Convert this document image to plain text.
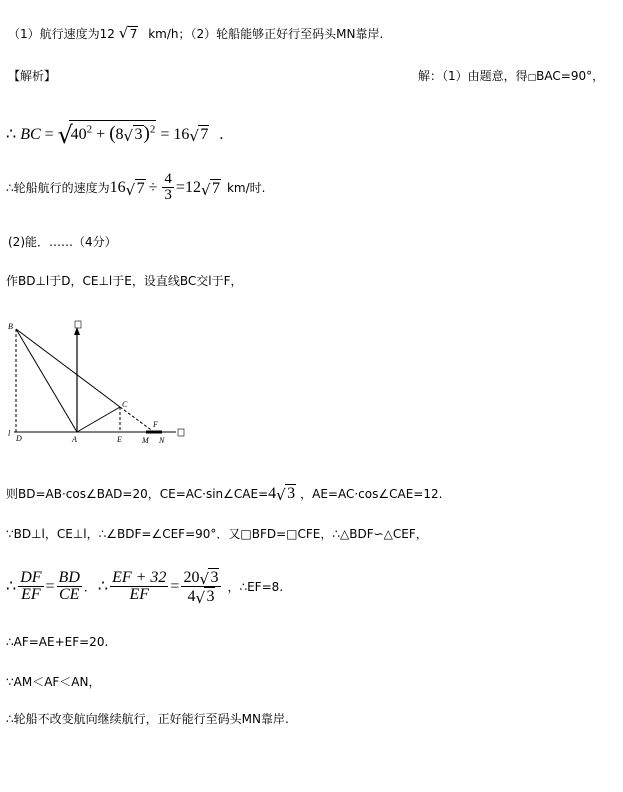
（1）航行速度为12 √ 7 km/h；（2）轮船能够正好行至码头MN靠岸.
【解析】	解：（1）由题意，得□BAC=90°，
∴ BC = √
$40^2 + (8$ √ 3)$^2$ = 16 √ 7 .
∴轮船航行的速度为 16 √ $7 \div \frac{4}{3} = 12$ √ 7 km/时.
(2)能．……（4分）
作BD⊥l于D，CE⊥l于E，设直线BC交l于F，
B
l
D	A	E
C
F
M N
则BD=AB·cos∠BAD=20，CE=AC·sin∠CAE=4 √ 3 ，AE=AC·cos∠CAE=12.
∵BD⊥l，CE⊥l，∴∠BDF=∠CEF=90°．又□BFD=□CFE，∴△BDF∽△CEF，
∴ $\frac{DF}{EF} = \frac{BD}{CE}$ ． ∴ $\frac{EF + 32}{EF} = \frac{20 √ 3}{4 √ 3}$ ，∴EF=8.
∴AF=AE+EF=20.
∵AM＜AF＜AN，
∴轮船不改变航向继续航行，正好能行至码头MN靠岸.
